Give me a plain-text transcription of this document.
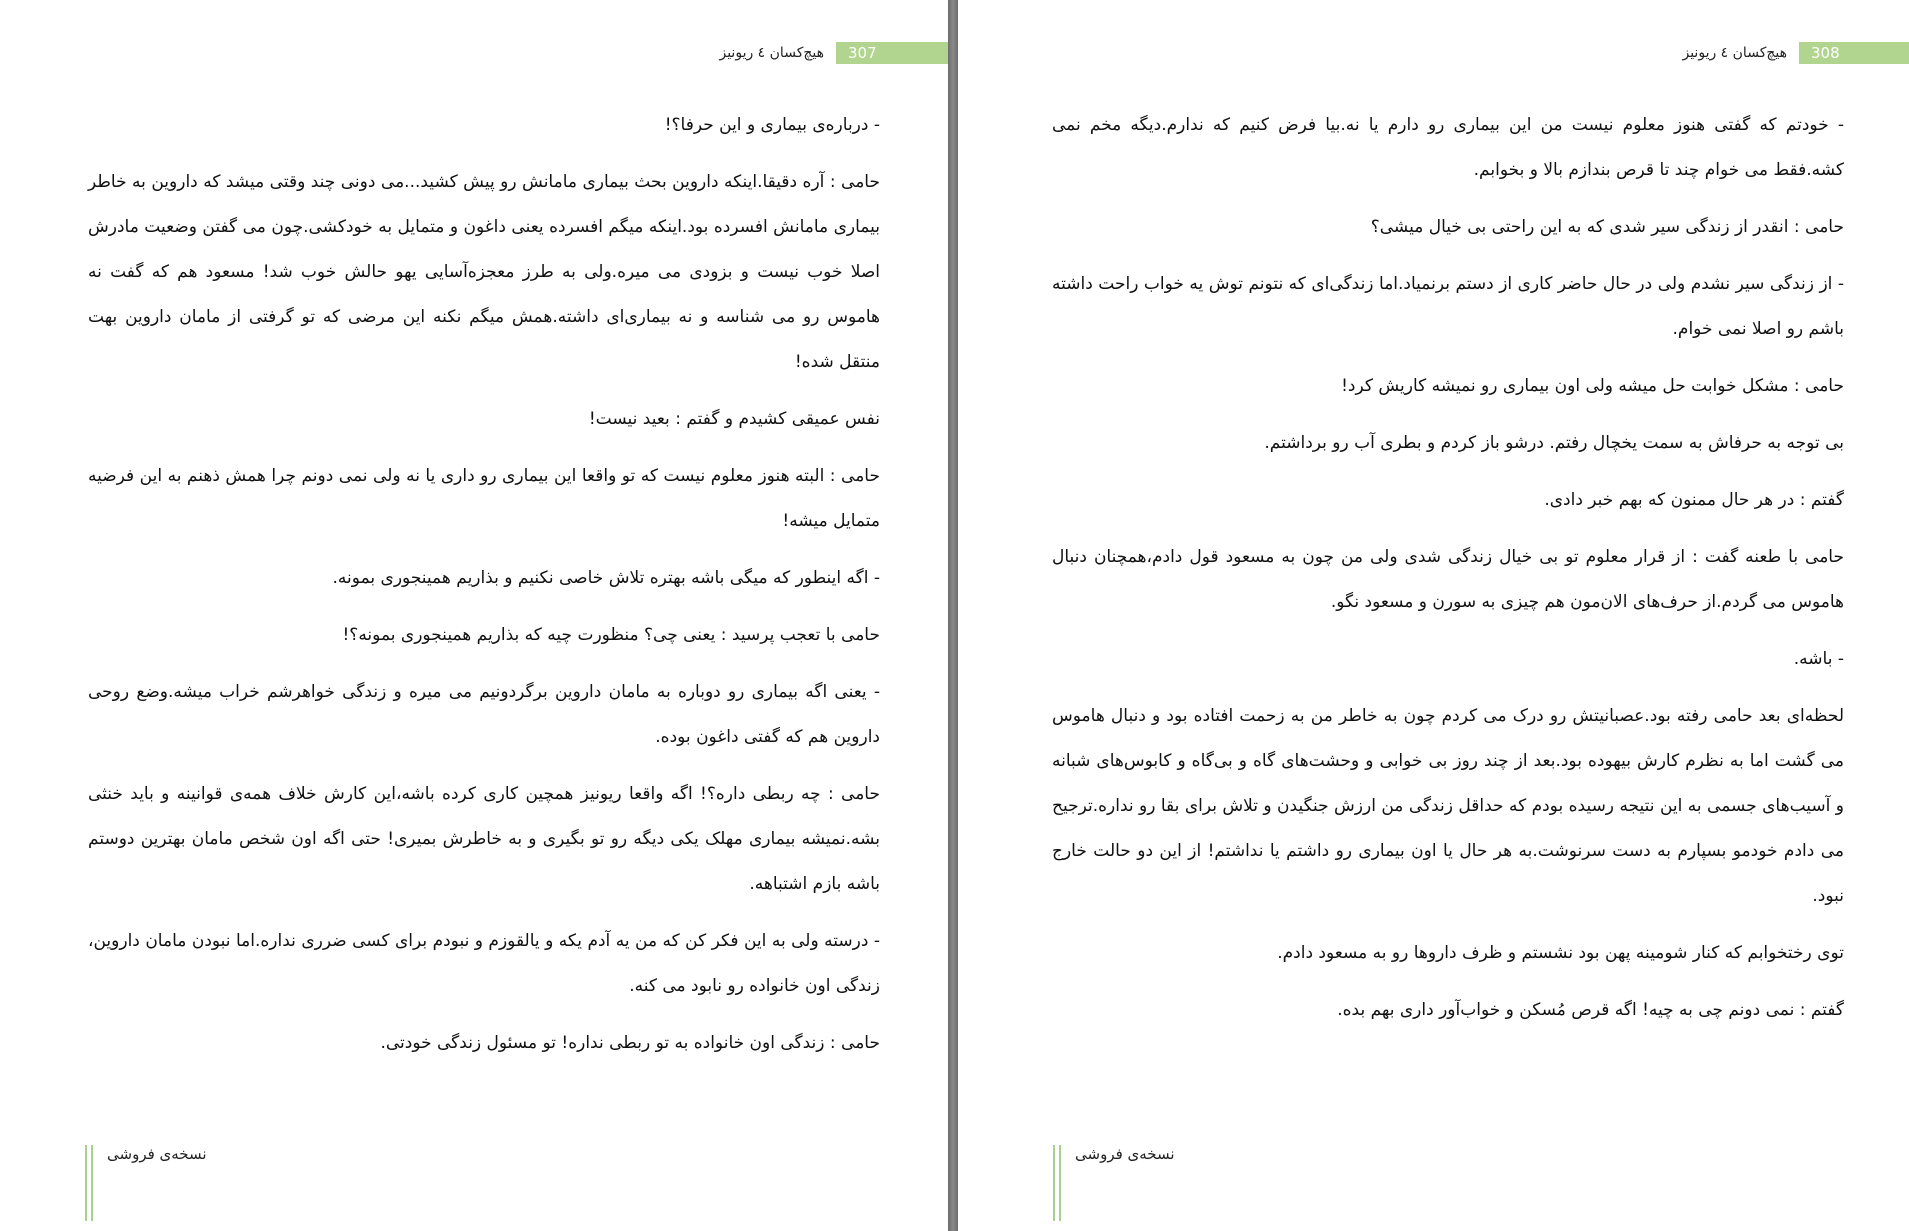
هیچ‌کسان ٤ ریونیز	307

- درباره‌ی بیماری و این حرفا؟!

حامی : آره دقیقا.اینکه داروین بحث بیماری مامانش رو پیش کشید...می دونی چند وقتی میشد که داروین به خاطر بیماری مامانش افسرده بود.اینکه میگم افسرده یعنی داغون و متمایل به خودکشی.چون می گفتن وضعیت مادرش اصلا خوب نیست و بزودی می میره.ولی به طرز معجزه‌آسایی یهو حالش خوب شد! مسعود هم که گفت نه هاموس رو می شناسه و نه بیماری‌ای داشته.همش میگم نکنه این مرضی که تو گرفتی از مامان داروین بهت منتقل شده!

نفس عمیقی کشیدم و گفتم : بعید نیست!

حامی : البته هنوز معلوم نیست که تو واقعا این بیماری رو داری یا نه ولی نمی دونم چرا همش ذهنم به این فرضیه متمایل میشه!

- اگه اینطور که میگی باشه بهتره تلاش خاصی نکنیم و بذاریم همینجوری بمونه.

حامی با تعجب پرسید : یعنی چی؟ منظورت چیه که بذاریم همینجوری بمونه؟!

- یعنی اگه بیماری رو دوباره به مامان داروین برگردونیم می میره و زندگی خواهرشم خراب میشه.وضع روحی داروین هم که گفتی داغون بوده.

حامی : چه ربطی داره؟! اگه واقعا ریونیز همچین کاری کرده باشه،این کارش خلاف همه‌ی قوانینه و باید خنثی بشه.نمیشه بیماری مهلک یکی دیگه رو تو بگیری و به خاطرش بمیری! حتی اگه اون شخص مامان بهترین دوستم باشه بازم اشتباهه.

- درسته ولی به این فکر کن که من یه آدم یکه و یالقوزم و نبودم برای کسی ضرری نداره.اما نبودن مامان داروین، زندگی اون خانواده رو نابود می کنه.

حامی : زندگی اون خانواده به تو ربطی نداره! تو مسئول زندگی خودتی.

نسخه‌ی فروشی
هیچ‌کسان ٤ ریونیز	308

- خودتم که گفتی هنوز معلوم نیست من این بیماری رو دارم یا نه.بیا فرض کنیم که ندارم.دیگه مخم نمی کشه.فقط می خوام چند تا قرص بندازم بالا و بخوابم.

حامی : انقدر از زندگی سیر شدی که به این راحتی بی خیال میشی؟

- از زندگی سیر نشدم ولی در حال حاضر کاری از دستم برنمیاد.اما زندگی‌ای که نتونم توش یه خواب راحت داشته باشم رو اصلا نمی خوام.

حامی : مشکل خوابت حل میشه ولی اون بیماری رو نمیشه کاریش کرد!

بی توجه به حرفاش به سمت یخچال رفتم. درشو باز کردم و بطری آب رو برداشتم.

گفتم : در هر حال ممنون که بهم خبر دادی.

حامی با طعنه گفت : از قرار معلوم تو بی خیال زندگی شدی ولی من چون به مسعود قول دادم،همچنان دنبال هاموس می گردم.از حرف‌های الان‌مون هم چیزی به سورن و مسعود نگو.

- باشه.

لحظه‌ای بعد حامی رفته بود.عصبانیتش رو درک می کردم چون به خاطر من به زحمت افتاده بود و دنبال هاموس می گشت اما به نظرم کارش بیهوده بود.بعد از چند روز بی خوابی و وحشت‌های گاه و بی‌گاه و کابوس‌های شبانه و آسیب‌های جسمی به این نتیجه رسیده بودم که حداقل زندگی من ارزش جنگیدن و تلاش برای بقا رو نداره.ترجیح می دادم خودمو بسپارم به دست سرنوشت.به هر حال یا اون بیماری رو داشتم یا نداشتم! از این دو حالت خارج نبود.

توی رختخوابم که کنار شومینه پهن بود نشستم و ظرف داروها رو به مسعود دادم.

گفتم : نمی دونم چی به چیه! اگه قرص مُسکن و خواب‌آور داری بهم بده.

نسخه‌ی فروشی
